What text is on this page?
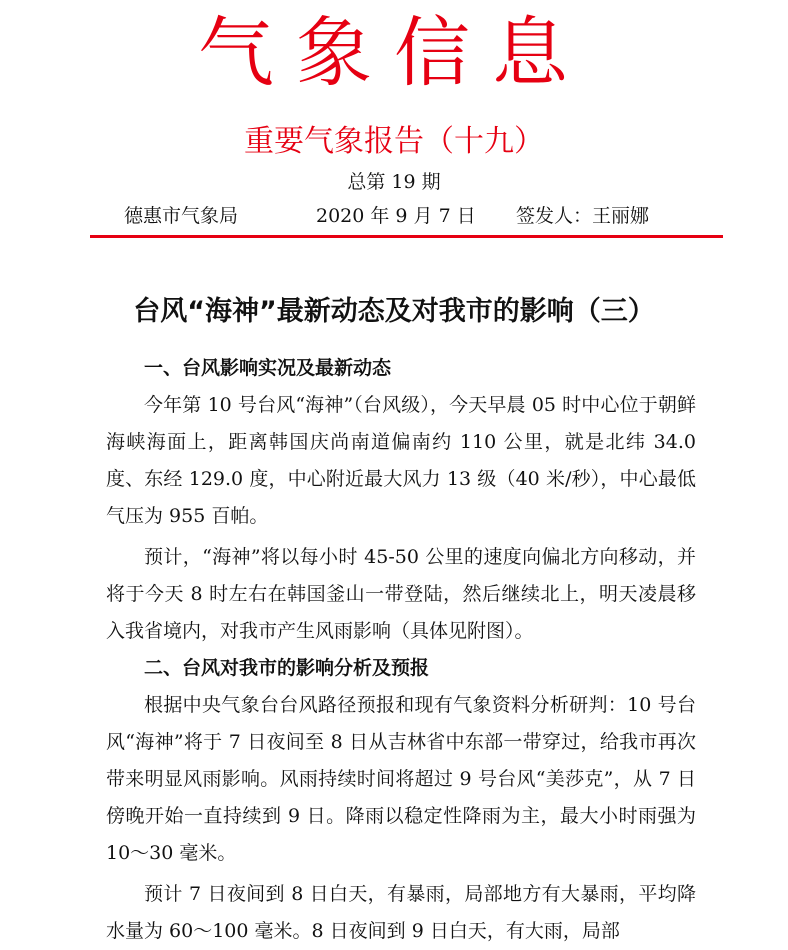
气象信息
重要气象报告（十九）
总第 19 期
德惠市气象局	2020 年 9 月 7 日 签发人：王丽娜
台风“海神”最新动态及对我市的影响（三）

一、台风影响实况及最新动态

今年第 10 号台风“海神”（台风级），今天早晨 05 时中心位于朝鲜海峡海面上，距离韩国庆尚南道偏南约 110 公里，就是北纬 34.0 度、东经 129.0 度，中心附近最大风力 13 级（40 米/秒），中心最低气压为 955 百帕。

预计，“海神”将以每小时 45-50 公里的速度向偏北方向移动，并将于今天 8 时左右在韩国釜山一带登陆，然后继续北上，明天凌晨移入我省境内，对我市产生风雨影响（具体见附图）。

二、台风对我市的影响分析及预报

根据中央气象台台风路径预报和现有气象资料分析研判：10 号台风“海神”将于 7 日夜间至 8 日从吉林省中东部一带穿过，给我市再次带来明显风雨影响。风雨持续时间将超过 9 号台风“美莎克”，从 7 日傍晚开始一直持续到 9 日。降雨以稳定性降雨为主，最大小时雨强为 10～30 毫米。

预计 7 日夜间到 8 日白天，有暴雨，局部地方有大暴雨，平均降水量为 60～100 毫米。8 日夜间到 9 日白天，有大雨，局部
